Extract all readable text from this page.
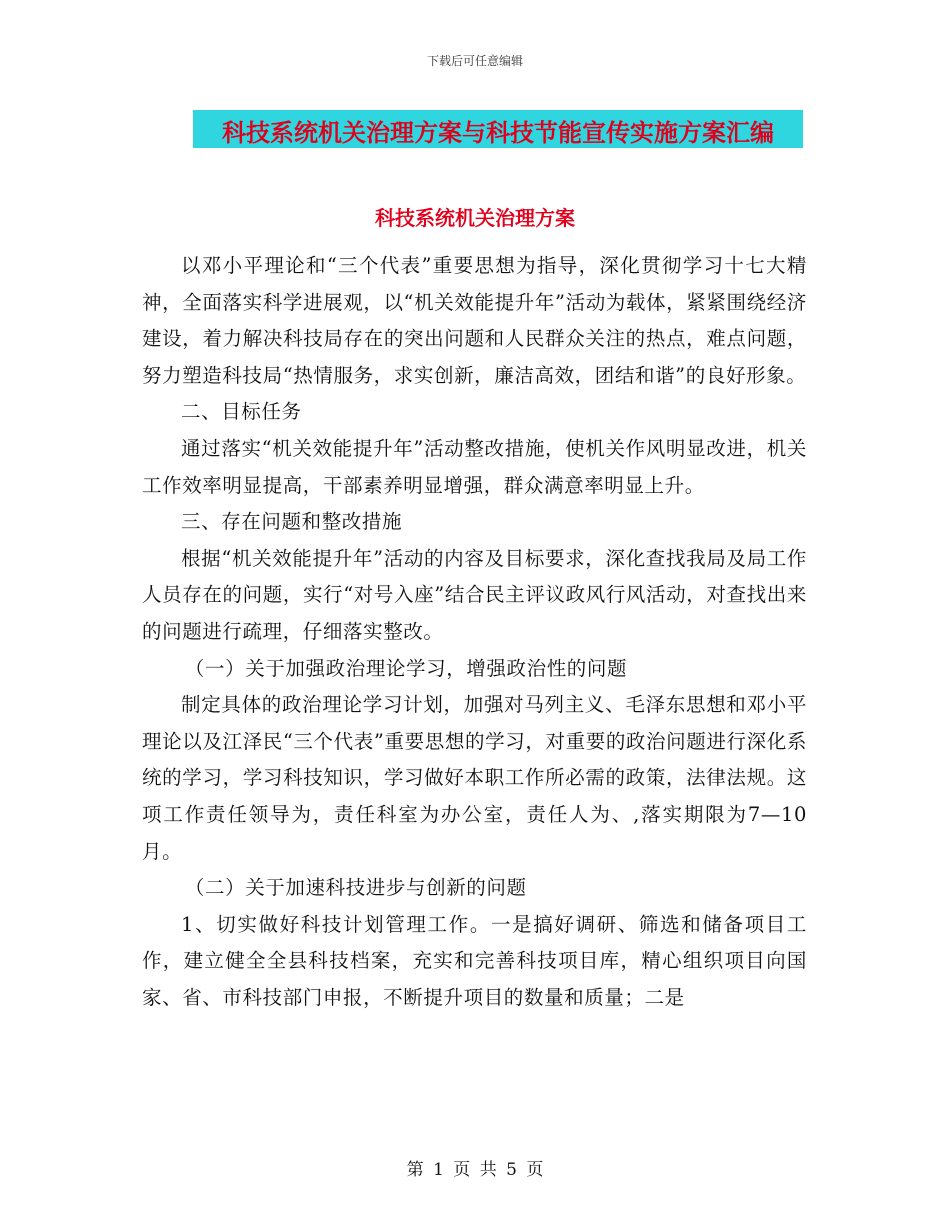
下载后可任意编辑
科技系统机关治理方案与科技节能宣传实施方案汇编
科技系统机关治理方案

以邓小平理论和“三个代表”重要思想为指导，深化贯彻学习十七大精神，全面落实科学进展观，以“机关效能提升年”活动为载体，紧紧围绕经济建设，着力解决科技局存在的突出问题和人民群众关注的热点，难点问题，努力塑造科技局“热情服务，求实创新，廉洁高效，团结和谐”的良好形象。

二、目标任务

通过落实“机关效能提升年”活动整改措施，使机关作风明显改进，机关工作效率明显提高，干部素养明显增强，群众满意率明显上升。

三、存在问题和整改措施

根据“机关效能提升年”活动的内容及目标要求，深化查找我局及局工作人员存在的问题，实行“对号入座”结合民主评议政风行风活动，对查找出来的问题进行疏理，仔细落实整改。

（一）关于加强政治理论学习，增强政治性的问题

制定具体的政治理论学习计划，加强对马列主义、毛泽东思想和邓小平理论以及江泽民“三个代表”重要思想的学习，对重要的政治问题进行深化系统的学习，学习科技知识，学习做好本职工作所必需的政策，法律法规。这项工作责任领导为，责任科室为办公室，责任人为、,落实期限为7—10月。

（二）关于加速科技进步与创新的问题

1、切实做好科技计划管理工作。一是搞好调研、筛选和储备项目工作，建立健全全县科技档案，充实和完善科技项目库，精心组织项目向国家、省、市科技部门申报，不断提升项目的数量和质量；二是

第 1 页 共 5 页
